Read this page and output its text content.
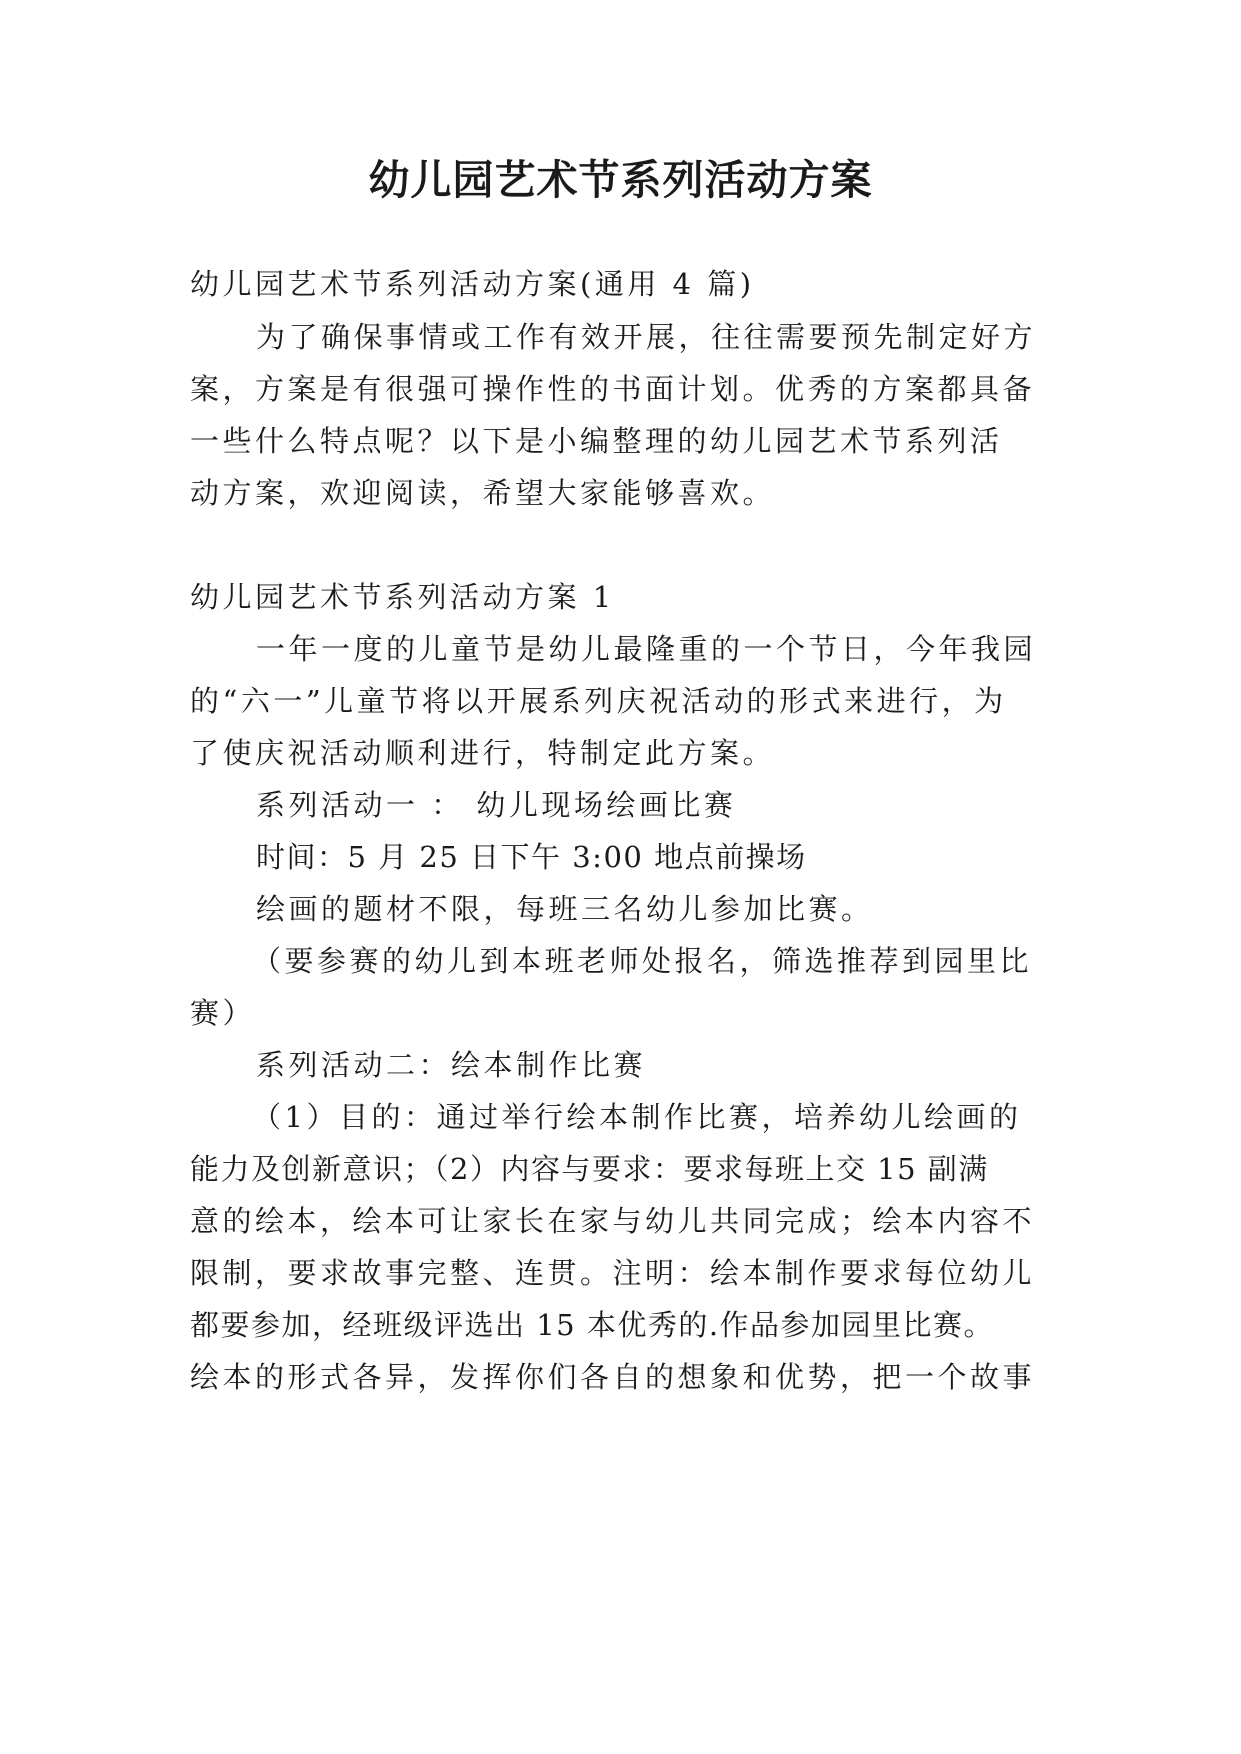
幼儿园艺术节系列活动方案
幼儿园艺术节系列活动方案(通用 4 篇)
为了确保事情或工作有效开展，往往需要预先制定好方
案，方案是有很强可操作性的书面计划。优秀的方案都具备
一些什么特点呢？以下是小编整理的幼儿园艺术节系列活
动方案，欢迎阅读，希望大家能够喜欢。
幼儿园艺术节系列活动方案 1
一年一度的儿童节是幼儿最隆重的一个节日，今年我园
的“六一”儿童节将以开展系列庆祝活动的形式来进行，为
了使庆祝活动顺利进行，特制定此方案。
系列活动一 ： 幼儿现场绘画比赛
时间：5 月 25 日下午 3:00 地点前操场
绘画的题材不限，每班三名幼儿参加比赛。
（要参赛的幼儿到本班老师处报名，筛选推荐到园里比
赛）
系列活动二：绘本制作比赛
（1）目的：通过举行绘本制作比赛，培养幼儿绘画的
能力及创新意识；（2）内容与要求：要求每班上交 15 副满
意的绘本，绘本可让家长在家与幼儿共同完成；绘本内容不
限制，要求故事完整、连贯。注明：绘本制作要求每位幼儿
都要参加，经班级评选出 15 本优秀的.作品参加园里比赛。
绘本的形式各异，发挥你们各自的想象和优势，把一个故事
